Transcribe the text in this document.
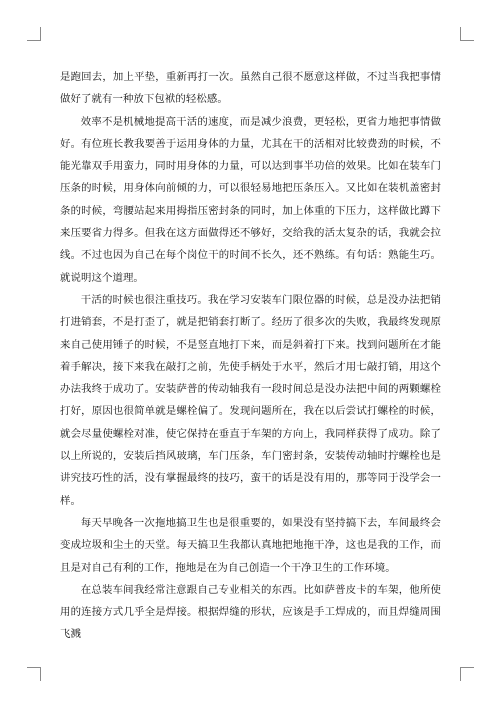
是跑回去，加上平垫，重新再打一次。虽然自己很不愿意这样做，不过当我把事情做好了就有一种放下包袱的轻松感。

效率不是机械地提高干活的速度，而是减少浪费，更轻松，更省力地把事情做好。有位班长教我要善于运用身体的力量，尤其在干的活相对比较费劲的时候，不能光靠双手用蛮力，同时用身体的力量，可以达到事半功倍的效果。比如在装车门压条的时候，用身体向前倾的力，可以很轻易地把压条压入。又比如在装机盖密封条的时候，弯腰站起来用拇指压密封条的同时，加上体重的下压力，这样做比蹲下来压要省力得多。但我在这方面做得还不够好，交给我的活太复杂的话，我就会拉线。不过也因为自己在每个岗位干的时间不长久，还不熟练。有句话：熟能生巧。就说明这个道理。

干活的时候也很注重技巧。我在学习安装车门限位器的时候，总是没办法把销打进销套，不是打歪了，就是把销套打断了。经历了很多次的失败，我最终发现原来自己使用锤子的时候，不是竖直地打下来，而是斜着打下来。找到问题所在才能着手解决，接下来我在敲打之前，先使手柄处于水平，然后才用七敲打销，用这个办法我终于成功了。安装萨普的传动轴我有一段时间总是没办法把中间的两颗螺栓打好，原因也很简单就是螺栓偏了。发现问题所在，我在以后尝试打螺栓的时候，就会尽量使螺栓对准，使它保持在垂直于车架的方向上，我同样获得了成功。除了以上所说的，安装后挡风玻璃，车门压条，车门密封条，安装传动轴时拧螺栓也是讲究技巧性的活，没有掌握最终的技巧，蛮干的话是没有用的，那等同于没学会一样。

每天早晚各一次拖地搞卫生也是很重要的，如果没有坚持搞下去，车间最终会变成垃圾和尘土的天堂。每天搞卫生我都认真地把地拖干净，这也是我的工作，而且是对自己有利的工作，拖地是在为自己创造一个干净卫生的工作环境。

在总装车间我经常注意跟自己专业相关的东西。比如萨普皮卡的车架，他所使用的连接方式几乎全是焊接。根据焊缝的形状，应该是手工焊成的，而且焊缝周围飞溅
